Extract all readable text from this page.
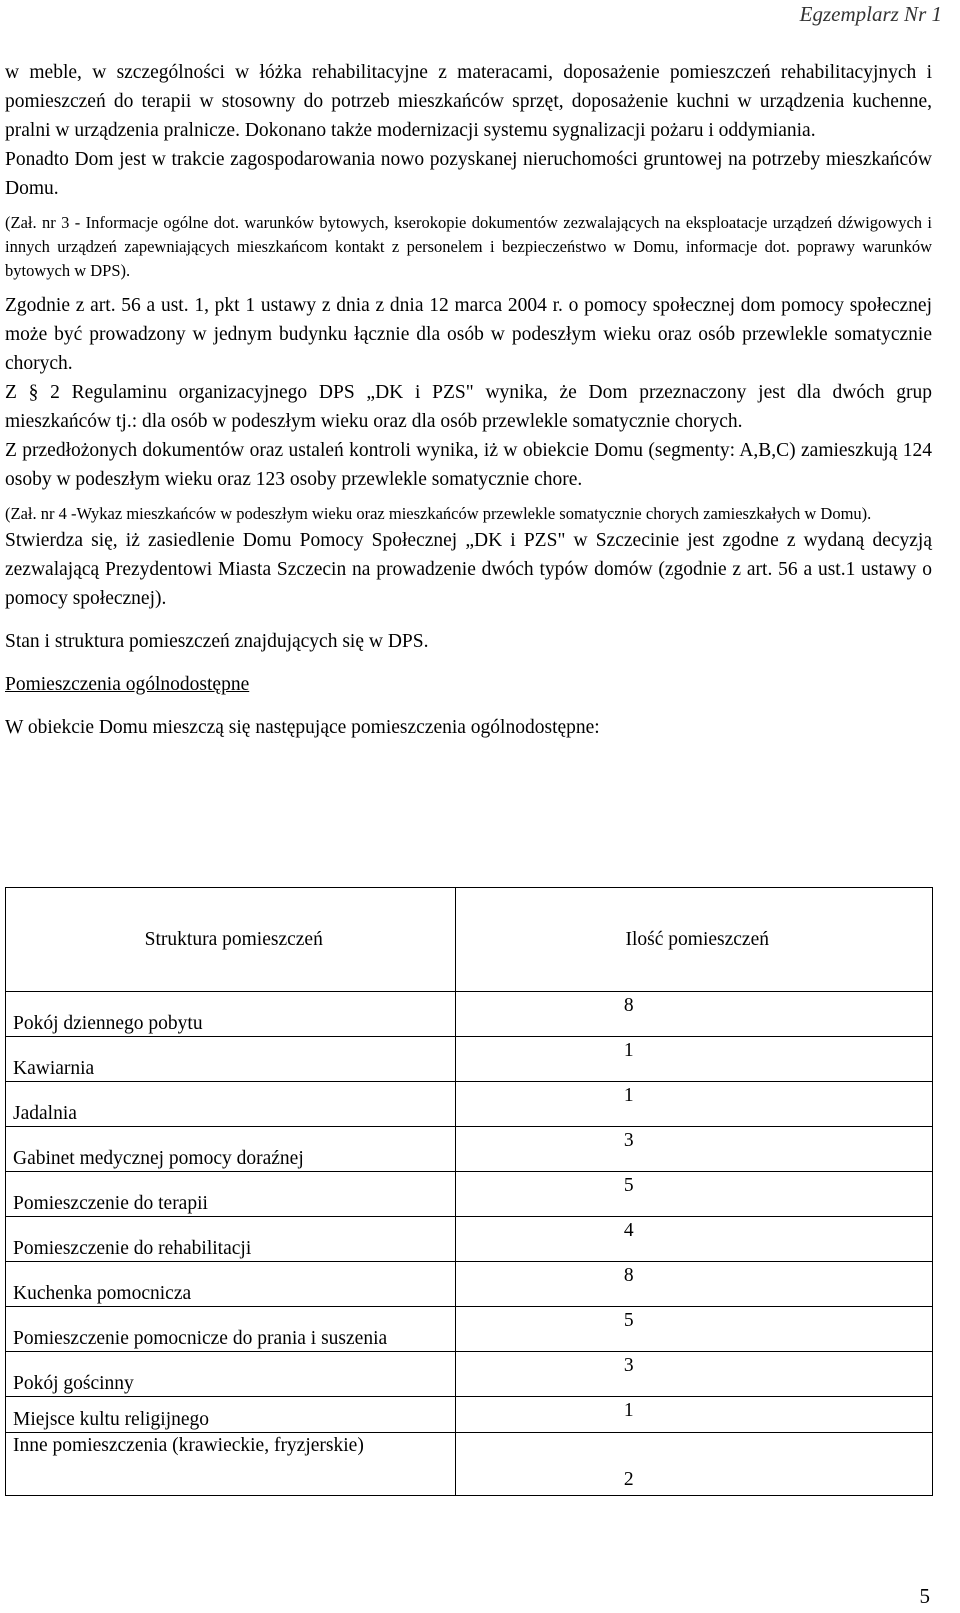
Egzemplarz Nr 1

w meble, w szczególności w łóżka rehabilitacyjne z materacami, doposażenie pomieszczeń rehabilitacyjnych i pomieszczeń do terapii w stosowny do potrzeb mieszkańców sprzęt, doposażenie kuchni w urządzenia kuchenne, pralni w urządzenia pralnicze. Dokonano także modernizacji systemu sygnalizacji pożaru i oddymiania.

Ponadto Dom jest w trakcie zagospodarowania nowo pozyskanej nieruchomości gruntowej na potrzeby mieszkańców Domu.

(Zał. nr 3 - Informacje ogólne dot. warunków bytowych, kserokopie dokumentów zezwalających na eksploatacje urządzeń dźwigowych i innych urządzeń zapewniających mieszkańcom kontakt z personelem i bezpieczeństwo w Domu, informacje dot. poprawy warunków bytowych w DPS).

Zgodnie z art. 56 a ust. 1, pkt 1 ustawy z dnia z dnia 12 marca 2004 r. o pomocy społecznej dom pomocy społecznej może być prowadzony w jednym budynku łącznie dla osób w podeszłym wieku oraz osób przewlekle somatycznie chorych.

Z § 2 Regulaminu organizacyjnego DPS „DK i PZS" wynika, że Dom przeznaczony jest dla dwóch grup mieszkańców tj.: dla osób w podeszłym wieku oraz dla osób przewlekle somatycznie chorych.

Z przedłożonych dokumentów oraz ustaleń kontroli wynika, iż w obiekcie Domu (segmenty: A,B,C) zamieszkują 124 osoby w podeszłym wieku oraz 123 osoby przewlekle somatycznie chore.

(Zał. nr 4 -Wykaz mieszkańców w podeszłym wieku oraz mieszkańców przewlekle somatycznie chorych zamieszkałych w Domu).

Stwierdza się, iż zasiedlenie Domu Pomocy Społecznej „DK i PZS" w Szczecinie jest zgodne z wydaną decyzją zezwalającą Prezydentowi Miasta Szczecin na prowadzenie dwóch typów domów (zgodnie z art. 56 a ust.1 ustawy o pomocy społecznej).

Stan i struktura pomieszczeń znajdujących się w DPS.

Pomieszczenia ogólnodostępne

W obiekcie Domu mieszczą się następujące pomieszczenia ogólnodostępne:

Struktura pomieszczeń	Ilość pomieszczeń
Pokój dziennego pobytu	8
Kawiarnia	1
Jadalnia	1
Gabinet medycznej pomocy doraźnej	3
Pomieszczenie do terapii	5
Pomieszczenie do rehabilitacji	4
Kuchenka pomocnicza	8
Pomieszczenie pomocnicze do prania i suszenia	5
Pokój gościnny	3
Miejsce kultu religijnego	1
Inne pomieszczenia (krawieckie, fryzjerskie)	2
5
